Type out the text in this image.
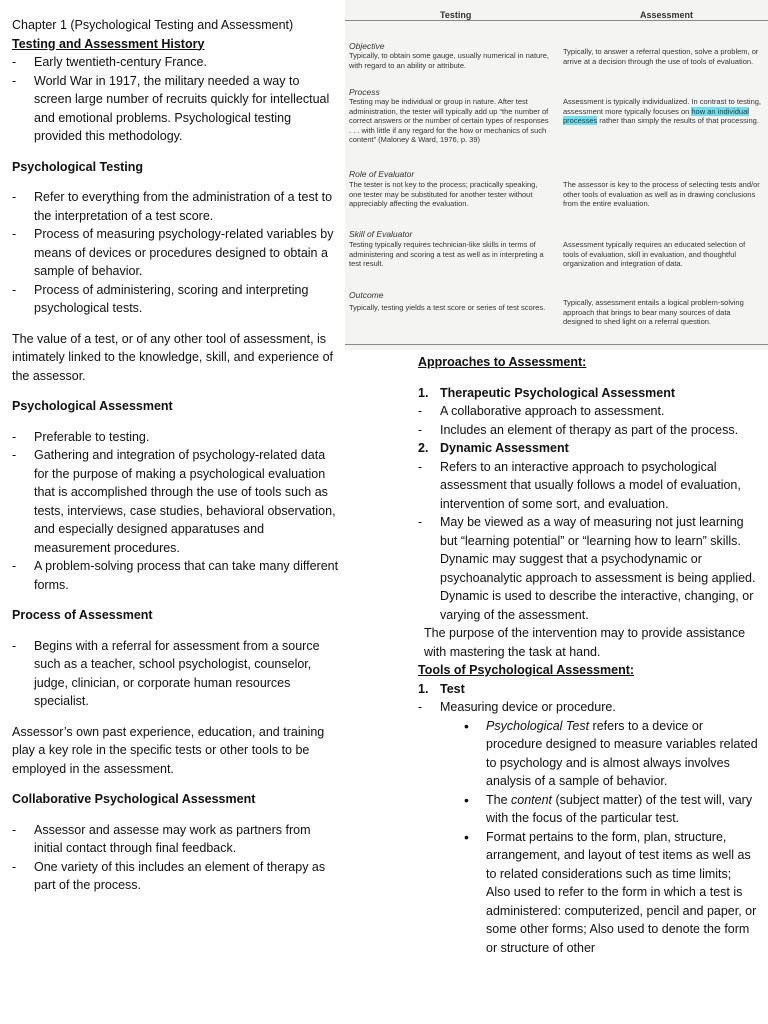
Chapter 1 (Psychological Testing and Assessment)

Testing and Assessment History

- Early twentieth-century France.
- World War in 1917, the military needed a way to screen large number of recruits quickly for intellectual and emotional problems. Psychological testing provided this methodology.

Psychological Testing

- Refer to everything from the administration of a test to the interpretation of a test score.
- Process of measuring psychology-related variables by means of devices or procedures designed to obtain a sample of behavior.
- Process of administering, scoring and interpreting psychological tests.

The value of a test, or of any other tool of assessment, is intimately linked to the knowledge, skill, and experience of the assessor.

Psychological Assessment

- Preferable to testing.
- Gathering and integration of psychology-related data for the purpose of making a psychological evaluation that is accomplished through the use of tools such as tests, interviews, case studies, behavioral observation, and especially designed apparatuses and measurement procedures.
- A problem-solving process that can take many different forms.

Process of Assessment

- Begins with a referral for assessment from a source such as a teacher, school psychologist, counselor, judge, clinician, or corporate human resources specialist.

Assessor’s own past experience, education, and training play a key role in the specific tests or other tools to be employed in the assessment.

Collaborative Psychological Assessment

- Assessor and assesse may work as partners from initial contact through final feedback.
- One variety of this includes an element of therapy as part of the process.
Testing	Assessment
Objective
Typically, to obtain some gauge, usually numerical in nature, with regard to an ability or attribute.
Typically, to answer a referral question, solve a problem, or arrive at a decision through the use of tools of evaluation.
Process
Testing may be individual or group in nature. After test administration, the tester will typically add up “the number of correct answers or the number of certain types of responses . . . with little if any regard for the how or mechanics of such content” (Maloney & Ward, 1976, p. 39)
Assessment is typically individualized. In contrast to testing, assessment more typically focuses on how an individual processes rather than simply the results of that processing.
Role of Evaluator
The tester is not key to the process; practically speaking, one tester may be substituted for another tester without appreciably affecting the evaluation.
The assessor is key to the process of selecting tests and/or other tools of evaluation as well as in drawing conclusions from the entire evaluation.
Skill of Evaluator
Testing typically requires technician-like skills in terms of administering and scoring a test as well as in interpreting a test result.
Assessment typically requires an educated selection of tools of evaluation, skill in evaluation, and thoughtful organization and integration of data.
Outcome
Typically, testing yields a test score or series of test scores.
Typically, assessment entails a logical problem-solving approach that brings to bear many sources of data designed to shed light on a referral question.

Approaches to Assessment:

1. Therapeutic Psychological Assessment
- A collaborative approach to assessment.
- Includes an element of therapy as part of the process.
2. Dynamic Assessment
- Refers to an interactive approach to psychological assessment that usually follows a model of evaluation, intervention of some sort, and evaluation.
- May be viewed as a way of measuring not just learning but “learning potential” or “learning how to learn” skills.

Dynamic may suggest that a psychodynamic or psychoanalytic approach to assessment is being applied.

Dynamic is used to describe the interactive, changing, or varying of the assessment.

The purpose of the intervention may to provide assistance with mastering the task at hand.

Tools of Psychological Assessment:

1. Test
- Measuring device or procedure.
• Psychological Test refers to a device or procedure designed to measure variables related to psychology and is almost always involves analysis of a sample of behavior.
• The content (subject matter) of the test will, vary with the focus of the particular test.
• Format pertains to the form, plan, structure, arrangement, and layout of test items as well as to related considerations such as time limits; Also used to refer to the form in which a test is administered: computerized, pencil and paper, or some other forms; Also used to denote the form or structure of other
